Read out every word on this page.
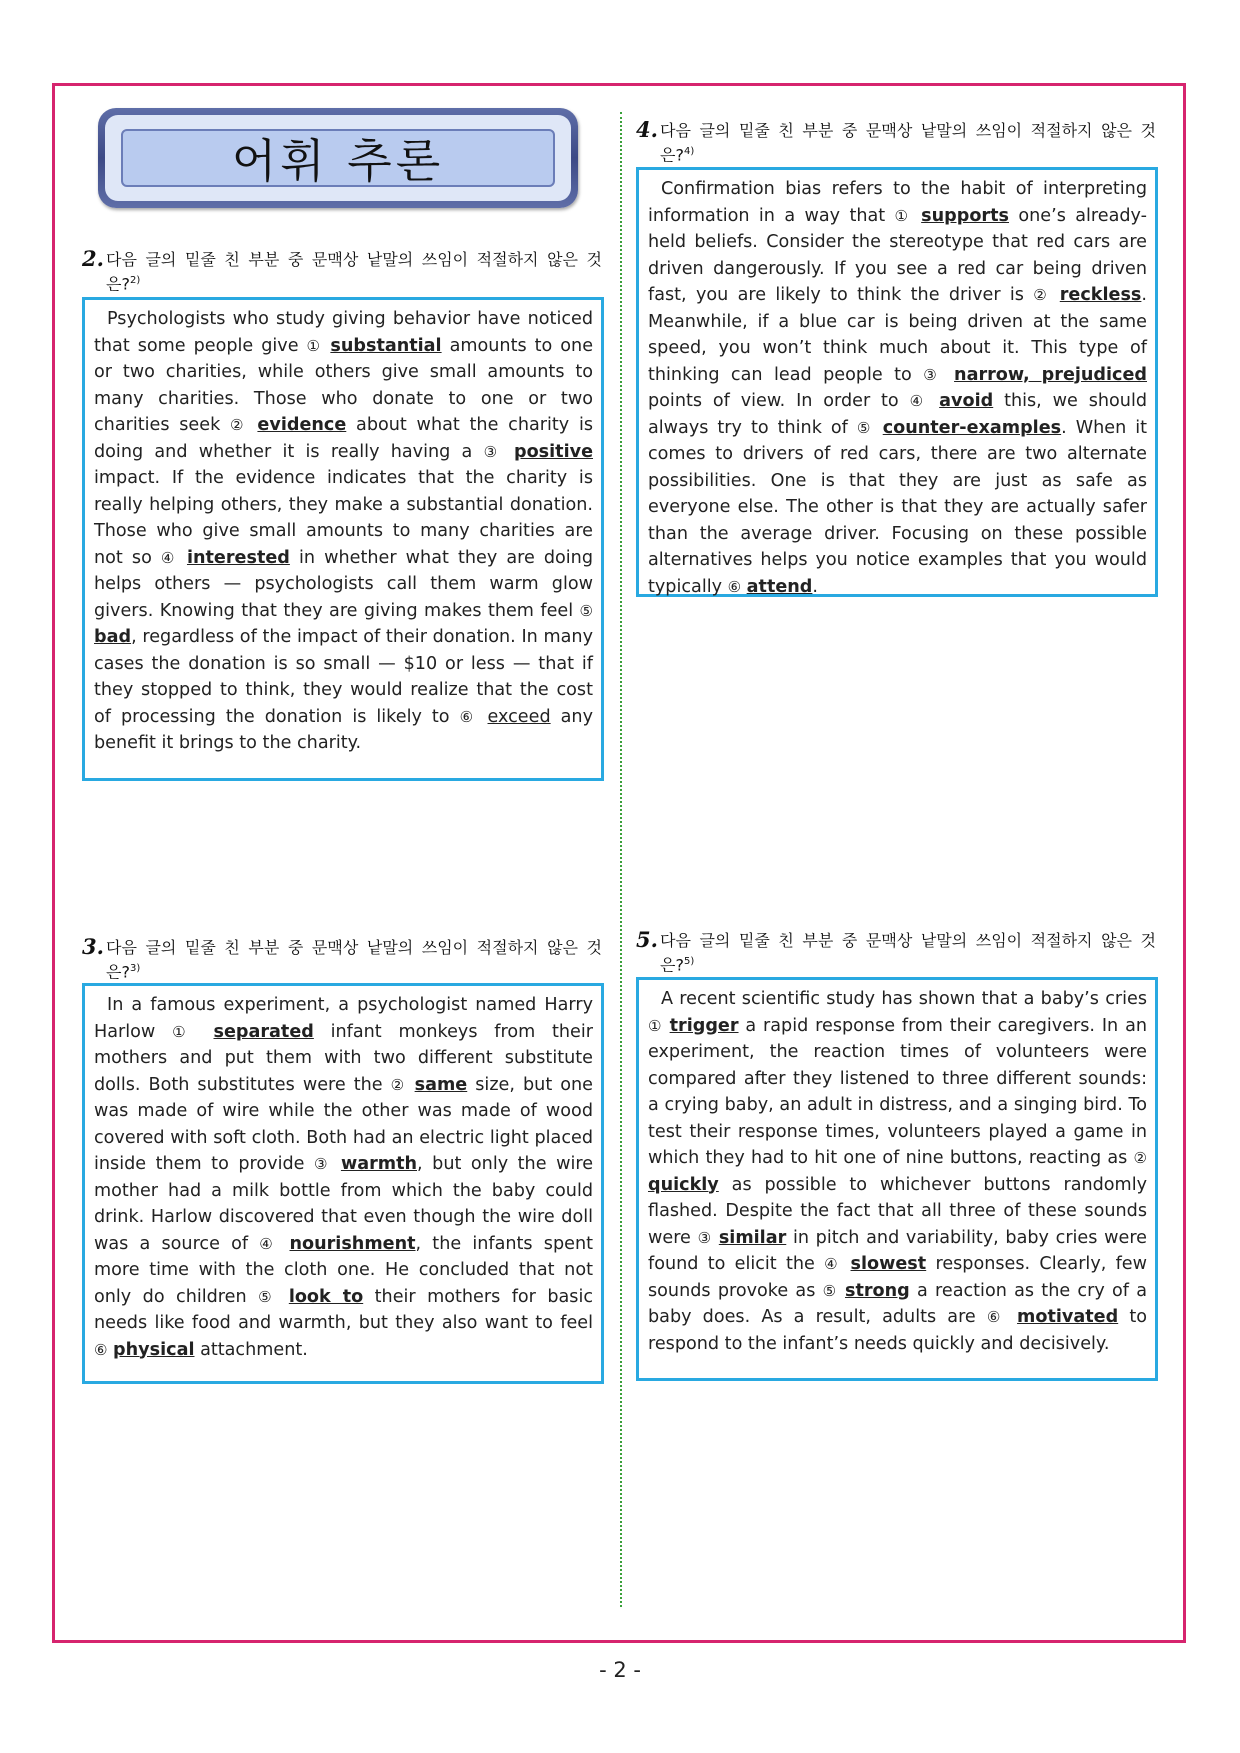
어휘 추론
2. 다음 글의 밑줄 친 부분 중 문맥상 낱말의 쓰임이 적절하지 않은 것
은?$^{2)}$

Psychologists who study giving behavior have noticed that some people give ① substantial amounts to one or two charities, while others give small amounts to many charities. Those who donate to one or two charities seek ② evidence about what the charity is doing and whether it is really having a ③ positive impact. If the evidence indicates that the charity is really helping others, they make a substantial donation. Those who give small amounts to many charities are not so ④ interested in whether what they are doing helps others — psychologists call them warm glow givers. Knowing that they are giving makes them feel ⑤ bad, regardless of the impact of their donation. In many cases the donation is so small — $10 or less — that if they stopped to think, they would realize that the cost of processing the donation is likely to ⑥ exceed any benefit it brings to the charity.

3. 다음 글의 밑줄 친 부분 중 문맥상 낱말의 쓰임이 적절하지 않은 것
은?$^{3)}$

In a famous experiment, a psychologist named Harry Harlow ① separated infant monkeys from their mothers and put them with two different substitute dolls. Both substitutes were the ② same size, but one was made of wire while the other was made of wood covered with soft cloth. Both had an electric light placed inside them to provide ③ warmth, but only the wire mother had a milk bottle from which the baby could drink. Harlow discovered that even though the wire doll was a source of ④ nourishment, the infants spent more time with the cloth one. He concluded that not only do children ⑤ look to their mothers for basic needs like food and warmth, but they also want to feel ⑥ physical attachment.

4. 다음 글의 밑줄 친 부분 중 문맥상 낱말의 쓰임이 적절하지 않은 것
은?$^{4)}$

Confirmation bias refers to the habit of interpreting information in a way that ① supports one’s already-held beliefs. Consider the stereotype that red cars are driven dangerously. If you see a red car being driven fast, you are likely to think the driver is ② reckless. Meanwhile, if a blue car is being driven at the same speed, you won’t think much about it. This type of thinking can lead people to ③ narrow, prejudiced points of view. In order to ④ avoid this, we should always try to think of ⑤ counter-examples. When it comes to drivers of red cars, there are two alternate possibilities. One is that they are just as safe as everyone else. The other is that they are actually safer than the average driver. Focusing on these possible alternatives helps you notice examples that you would typically ⑥ attend.

5. 다음 글의 밑줄 친 부분 중 문맥상 낱말의 쓰임이 적절하지 않은 것
은?$^{5)}$

A recent scientific study has shown that a baby’s cries ① trigger a rapid response from their caregivers. In an experiment, the reaction times of volunteers were compared after they listened to three different sounds: a crying baby, an adult in distress, and a singing bird. To test their response times, volunteers played a game in which they had to hit one of nine buttons, reacting as ② quickly as possible to whichever buttons randomly flashed. Despite the fact that all three of these sounds were ③ similar in pitch and variability, baby cries were found to elicit the ④ slowest responses. Clearly, few sounds provoke as ⑤ strong a reaction as the cry of a baby does. As a result, adults are ⑥ motivated to respond to the infant’s needs quickly and decisively.

- 2 -
